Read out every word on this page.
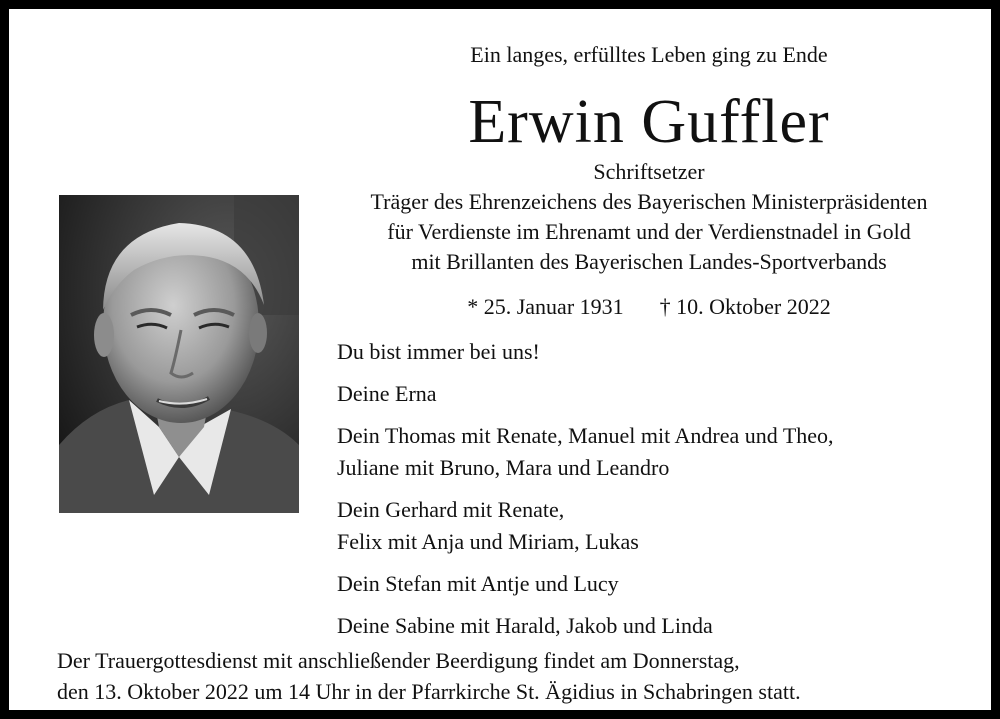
Ein langes, erfülltes Leben ging zu Ende
Erwin Guffler
Schriftsetzer
Träger des Ehrenzeichens des Bayerischen Ministerpräsidenten
für Verdienste im Ehrenamt und der Verdienstnadel in Gold
mit Brillanten des Bayerischen Landes-Sportverbands
* 25. Januar 1931 † 10. Oktober 2022
Du bist immer bei uns!
Deine Erna
Dein Thomas mit Renate, Manuel mit Andrea und Theo,
Juliane mit Bruno, Mara und Leandro
Dein Gerhard mit Renate,
Felix mit Anja und Miriam, Lukas
Dein Stefan mit Antje und Lucy
Deine Sabine mit Harald, Jakob und Linda
Der Trauergottesdienst mit anschließender Beerdigung findet am Donnerstag,
den 13. Oktober 2022 um 14 Uhr in der Pfarrkirche St. Ägidius in Schabringen statt.
